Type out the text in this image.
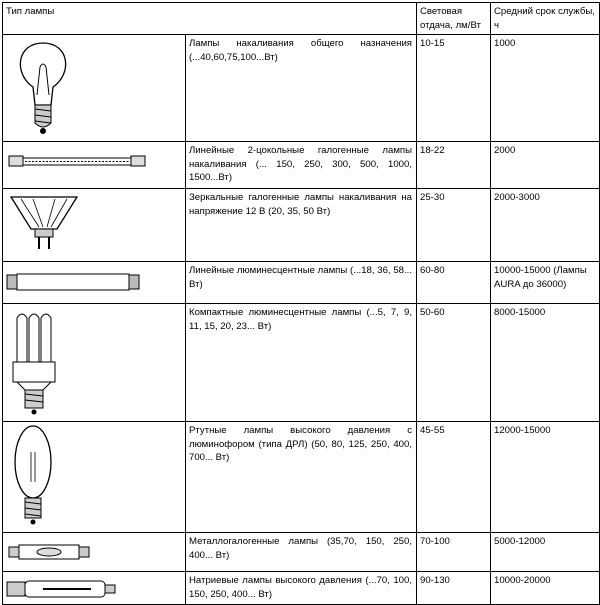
Тип лампы		Световая отдача, лм/Вт	Средний срок службы, ч

	Лампы накаливания общего назначения (...40,60,75,100...Вт)	10-15	1000

	Линейные 2-цокольные галогенные лампы накаливания (... 150, 250, 300, 500, 1000, 1500...Вт)	18-22	2000

	Зеркальные галогенные лампы накаливания на напряжение 12 В (20, 35, 50 Вт)	25-30	2000-3000

	Линейные люминесцентные лампы (...18, 36, 58... Вт)	60-80	10000-15000 (Лампы AURA до 36000)

	Компактные люминесцентные лампы (...5, 7, 9, 11, 15, 20, 23... Вт)	50-60	8000-15000

	Ртутные лампы высокого давления с люминофором (типа ДРЛ) (50, 80, 125, 250, 400, 700... Вт)	45-55	12000-15000

	Металлогалогенные лампы (35,70, 150, 250, 400... Вт)	70-100	5000-12000

	Натриевые лампы высокого давления (...70, 100, 150, 250, 400... Вт)	90-130	10000-20000
